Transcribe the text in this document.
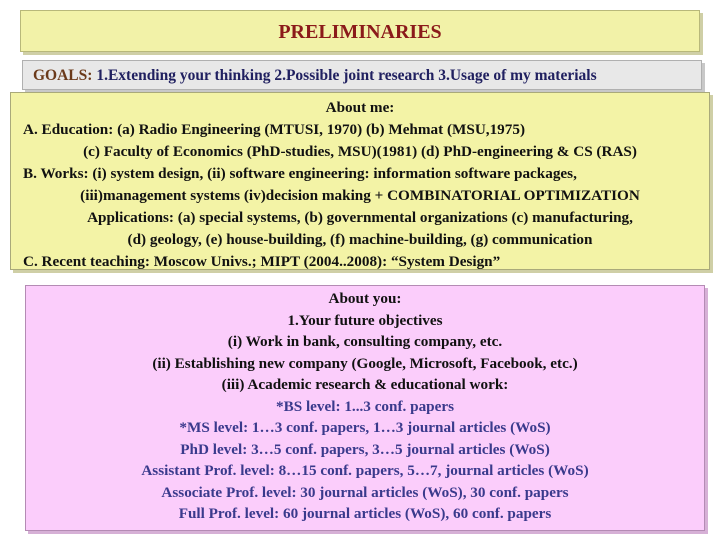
PRELIMINARIES
GOALS: 1.Extending your thinking 2.Possible joint research 3.Usage of my materials
About me:
A. Education: (a) Radio Engineering (MTUSI, 1970) (b) Mehmat (MSU,1975)
(c) Faculty of Economics (PhD-studies, MSU)(1981) (d) PhD-engineering & CS (RAS)
B. Works: (i) system design, (ii) software engineering: information software packages,
(iii)management systems (iv)decision making + COMBINATORIAL OPTIMIZATION
Applications: (a) special systems, (b) governmental organizations (c) manufacturing,
(d) geology, (e) house-building, (f) machine-building, (g) communication
C. Recent teaching: Moscow Univs.; MIPT (2004..2008): “System Design”
About you:
1.Your future objectives
(i) Work in bank, consulting company, etc.
(ii) Establishing new company (Google, Microsoft, Facebook, etc.)
(iii) Academic research & educational work:
*BS level: 1...3 conf. papers
*MS level: 1…3 conf. papers, 1…3 journal articles (WoS)
PhD level: 3…5 conf. papers, 3…5 journal articles (WoS)
Assistant Prof. level: 8…15 conf. papers, 5…7, journal articles (WoS)
Associate Prof. level: 30 journal articles (WoS), 30 conf. papers
Full Prof. level: 60 journal articles (WoS), 60 conf. papers
